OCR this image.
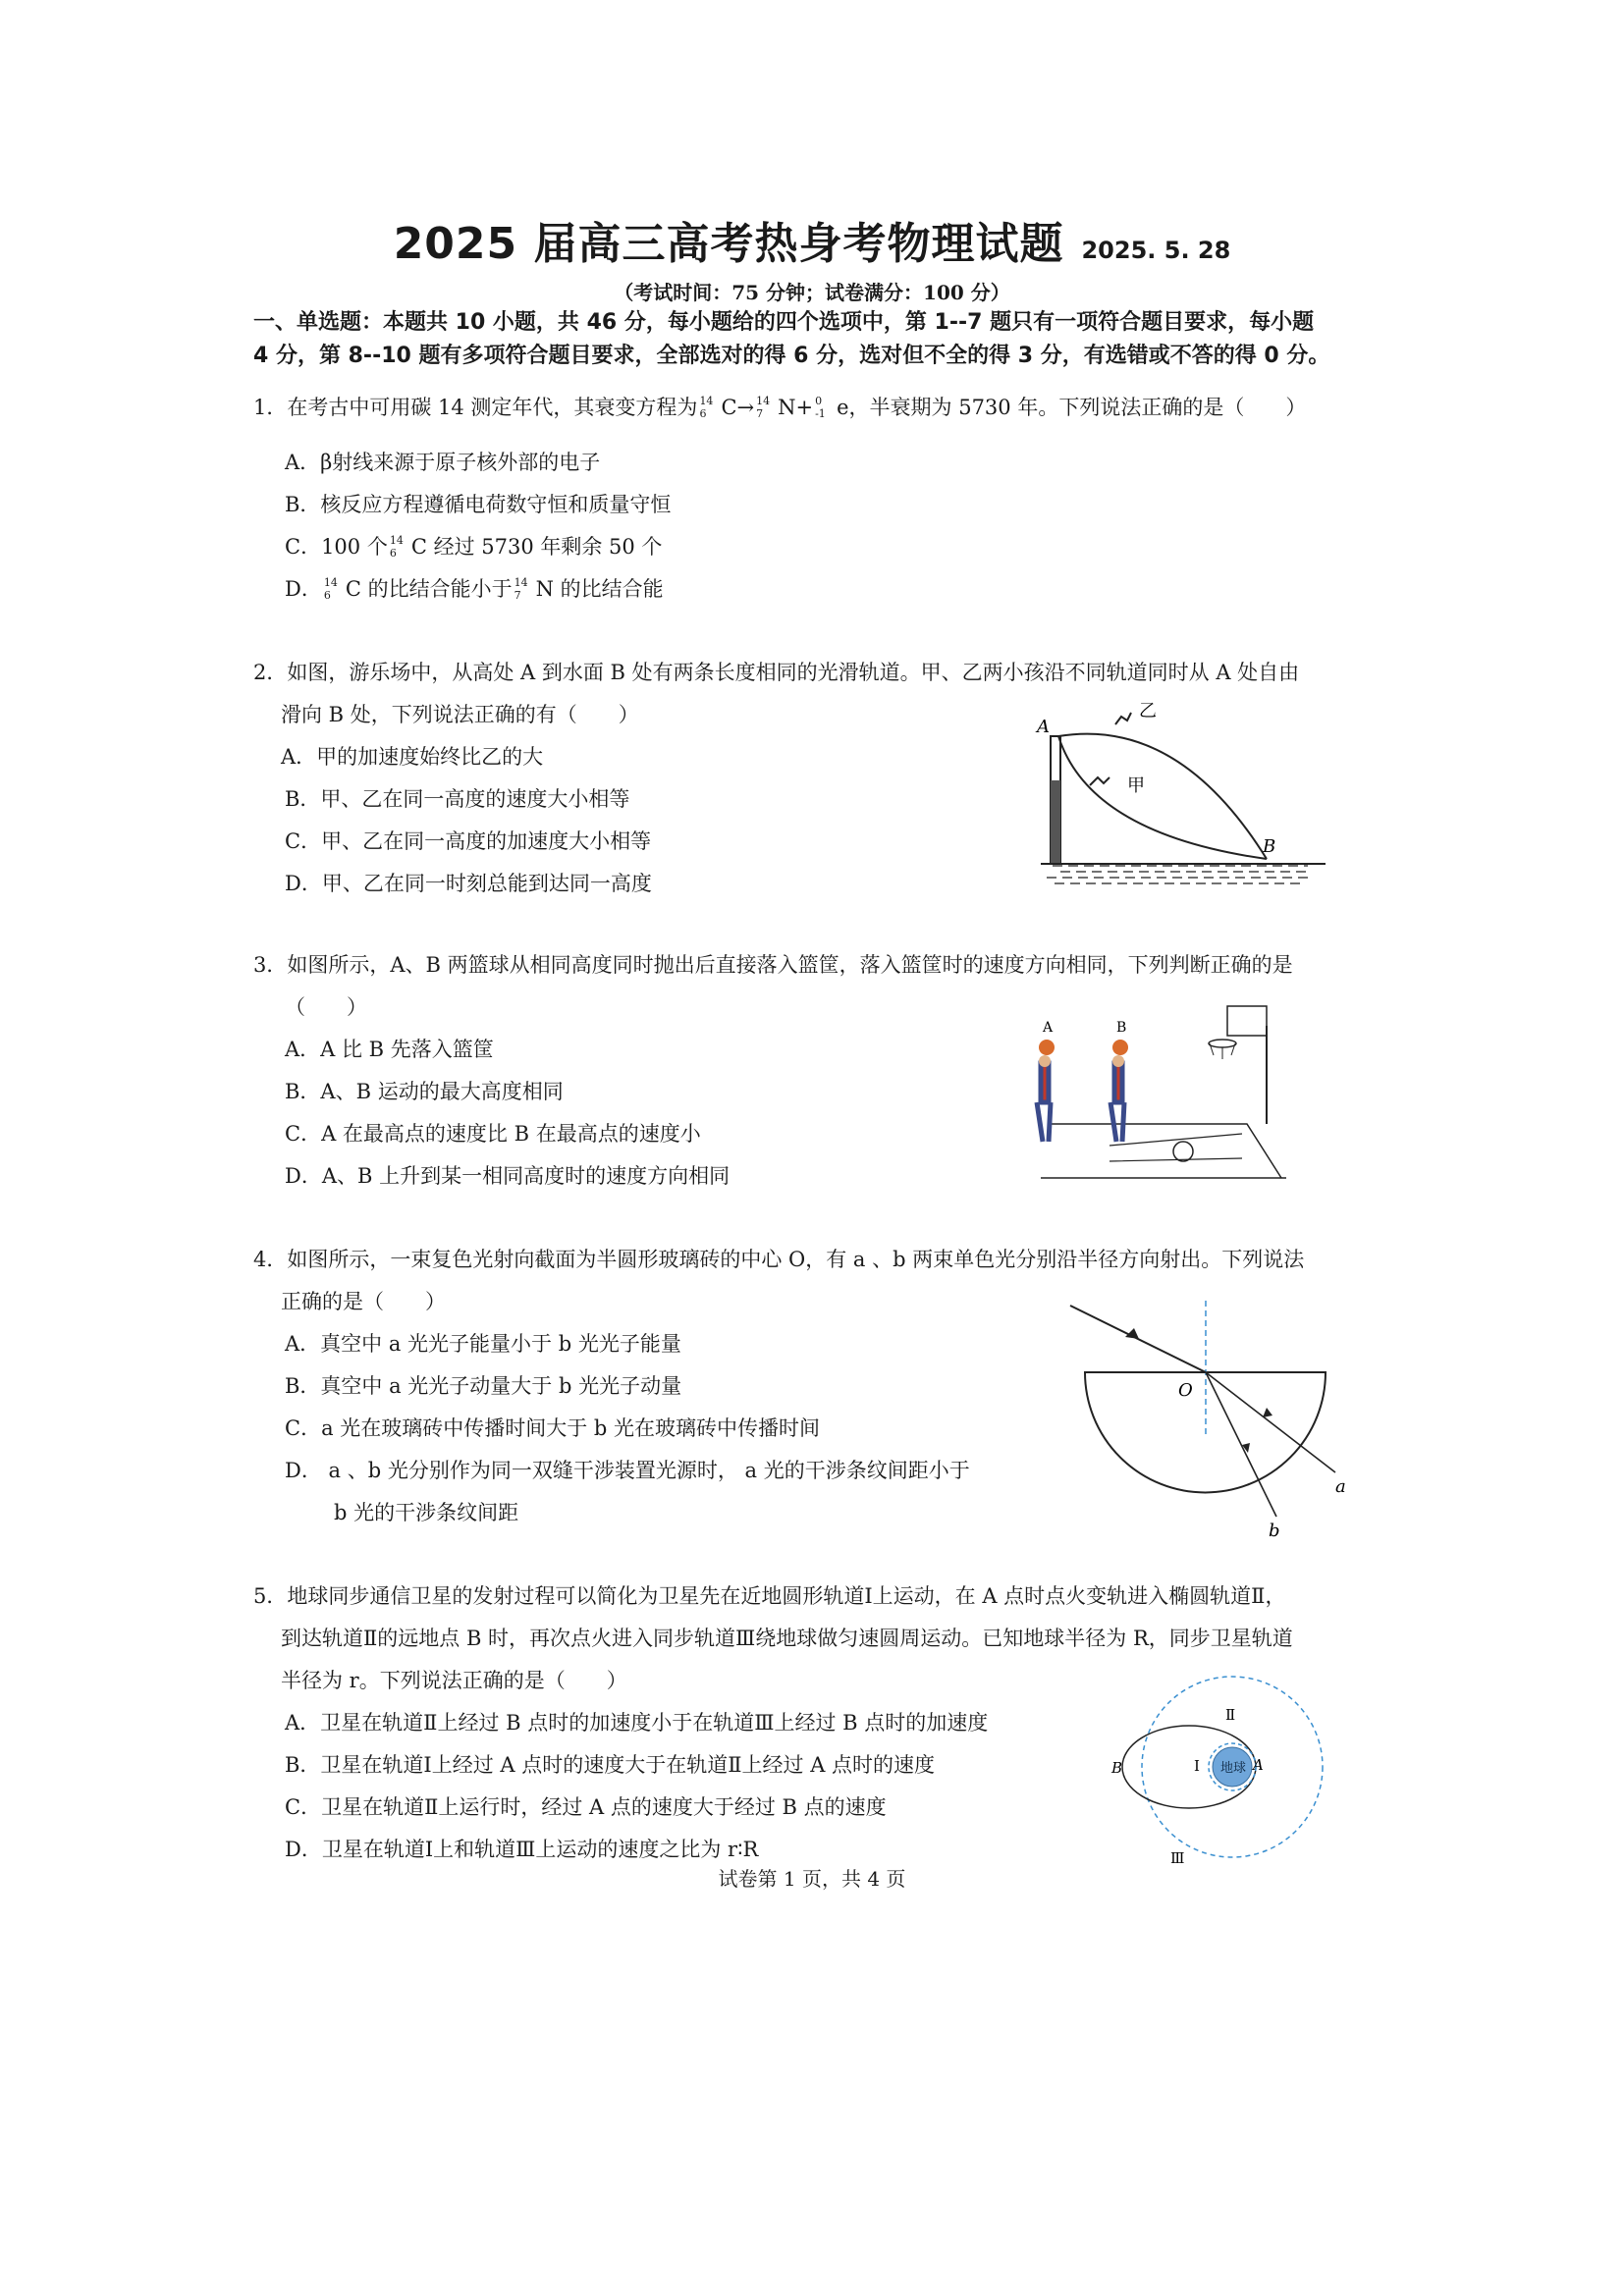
2025 届高三高考热身考物理试题 2025. 5. 28
（考试时间：75 分钟；试卷满分：100 分）
一、单选题：本题共 10 小题，共 46 分，每小题给的四个选项中，第 1--7 题只有一项符合题目要求，每小题
4 分，第 8--10 题有多项符合题目要求，全部选对的得 6 分，选对但不全的得 3 分，有选错或不答的得 0 分。
1．在考古中可用碳 14 测定年代，其衰变方程为 14
6 C→ 14
7 N+ 0
-1 e，半衰期为 5730 年。下列说法正确的是（　　）
A．β射线来源于原子核外部的电子
B．核反应方程遵循电荷数守恒和质量守恒
C．100 个 14
6 C 经过 5730 年剩余 50 个
D． 14
6 C 的比结合能小于 14
7 N 的比结合能
2．如图，游乐场中，从高处 A 到水面 B 处有两条长度相同的光滑轨道。甲、乙两小孩沿不同轨道同时从 A 处自由
滑向 B 处，下列说法正确的有（　　）
A．甲的加速度始终比乙的大
B．甲、乙在同一高度的速度大小相等
C．甲、乙在同一高度的加速度大小相等
D．甲、乙在同一时刻总能到达同一高度
A
B
乙
甲
3．如图所示，A、B 两篮球从相同高度同时抛出后直接落入篮筐，落入篮筐时的速度方向相同，下列判断正确的是
（　　）
A．A 比 B 先落入篮筐
B．A、B 运动的最大高度相同
C．A 在最高点的速度比 B 在最高点的速度小
D．A、B 上升到某一相同高度时的速度方向相同
A	B
4．如图所示，一束复色光射向截面为半圆形玻璃砖的中心 O，有 a 、b 两束单色光分别沿半径方向射出。下列说法
正确的是（　　）
A．真空中 a 光光子能量小于 b 光光子能量
B．真空中 a 光光子动量大于 b 光光子动量
C．a 光在玻璃砖中传播时间大于 b 光在玻璃砖中传播时间
D． a 、b 光分别作为同一双缝干涉装置光源时， a 光的干涉条纹间距小于
b 光的干涉条纹间距
O
a
b
5．地球同步通信卫星的发射过程可以简化为卫星先在近地圆形轨道Ⅰ上运动，在 A 点时点火变轨进入椭圆轨道Ⅱ，
到达轨道Ⅱ的远地点 B 时，再次点火进入同步轨道Ⅲ绕地球做匀速圆周运动。已知地球半径为 R，同步卫星轨道
半径为 r。下列说法正确的是（　　）
A．卫星在轨道Ⅱ上经过 B 点时的加速度小于在轨道Ⅲ上经过 B 点时的加速度
B．卫星在轨道Ⅰ上经过 A 点时的速度大于在轨道Ⅱ上经过 A 点时的速度
C．卫星在轨道Ⅱ上运行时，经过 A 点的速度大于经过 B 点的速度
D．卫星在轨道Ⅰ上和轨道Ⅲ上运动的速度之比为 r∶R
地球 A
B	Ⅰ
Ⅱ
Ⅲ
试卷第 1 页，共 4 页
